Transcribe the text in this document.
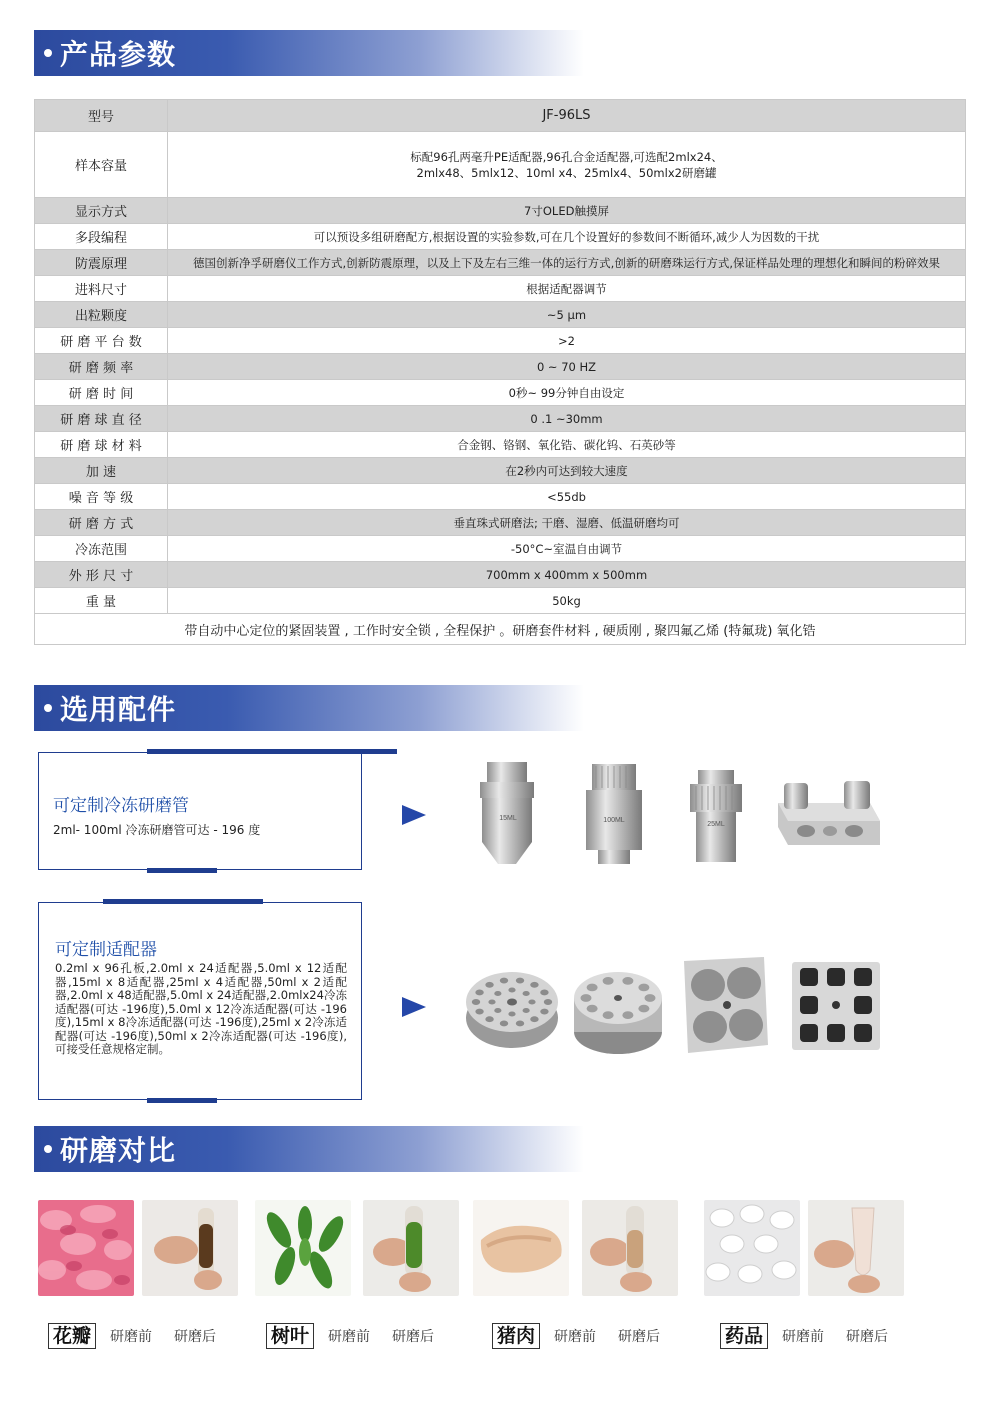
产品参数
型号	JF-96LS
样本容量	标配96孔两毫升PE适配器,96孔合金适配器,可选配2mlx24、
2mlx48、5mlx12、10ml x4、25mlx4、50mlx2研磨罐
显示方式	7寸OLED触摸屏
多段编程	可以预设多组研磨配方,根据设置的实验参数,可在几个设置好的参数间不断循环,减少人为因数的干扰
防震原理	德国创新净孚研磨仪工作方式,创新防震原理，以及上下及左右三维一体的运行方式,创新的研磨珠运行方式,保证样品处理的理想化和瞬间的粉碎效果
进料尺寸	根据适配器调节
出粒颗度	~5 µm
研 磨 平 台 数	>2
研 磨 频 率	0 ~ 70 HZ
研 磨 时 间	0秒~ 99分钟自由设定
研 磨 球 直 径	0 .1 ~30mm
研 磨 球 材 料	合金钢、铬钢、氧化锆、碳化钨、石英砂等
加 速	在2秒内可达到较大速度
噪 音 等 级	<55db
研 磨 方 式	垂直珠式研磨法; 干磨、湿磨、低温研磨均可
冷冻范围	-50°C~室温自由调节
外 形 尺 寸	700mm x 400mm x 500mm
重 量	50kg
带自动中心定位的紧固装置 , 工作时安全锁 , 全程保护 。研磨套件材料 , 硬质刚 , 聚四氟乙烯 (特氟珑) 氧化锆	
选用配件
可定制冷冻研磨管
2ml- 100ml 冷冻研磨管可达 - 196 度
15ML	100ML
25ML
可定制适配器
0.2ml x 96孔板,2.0ml x 24适配器,5.0ml x 12适配器,15ml x 8适配器,25ml x 4适配器,50ml x 2适配器,2.0ml x 48适配器,5.0ml x 24适配器,2.0mlx24冷冻适配器(可达 -196度),5.0ml x 12冷冻适配器(可达 -196度),15ml x 8冷冻适配器(可达 -196度),25ml x 2冷冻适配器(可达 -196度),50ml x 2冷冻适配器(可达 -196度),可接受任意规格定制。
研磨对比
花瓣	研磨前 研磨后	树叶	研磨前 研磨后	猪肉	研磨前 研磨后	药品	研磨前 研磨后
